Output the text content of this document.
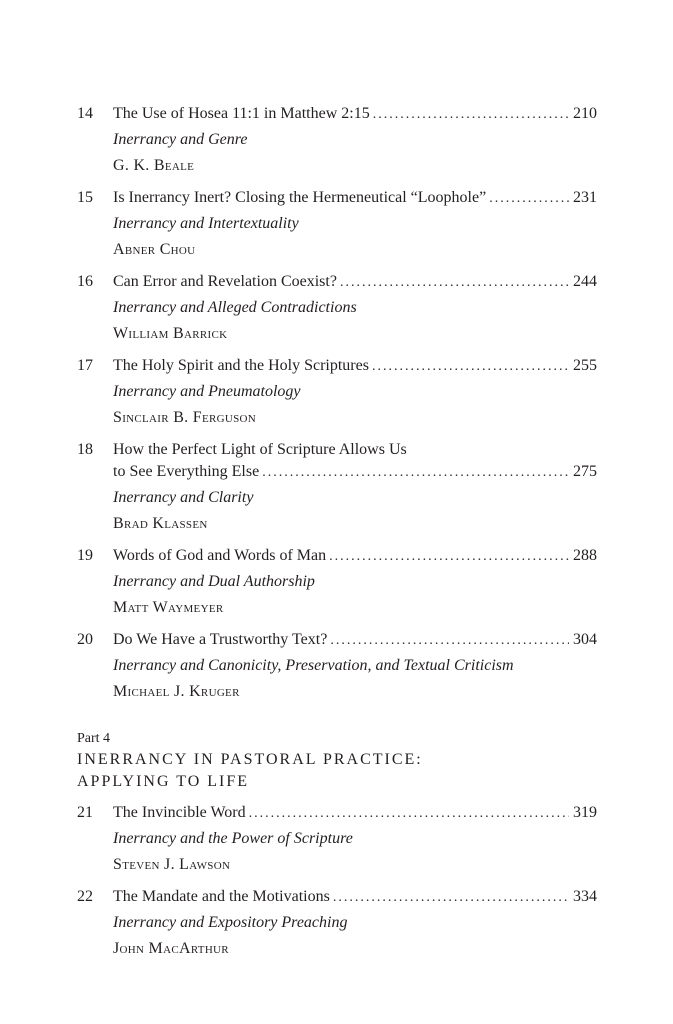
14 The Use of Hosea 11:1 in Matthew 2:15 .....	210
Inerrancy and Genre
G. K. Beale
15 Is Inerrancy Inert? Closing the Hermeneutical “Loophole” .....	231
Inerrancy and Intertextuality
Abner Chou
16 Can Error and Revelation Coexist? .....	244
Inerrancy and Alleged Contradictions
William Barrick
17 The Holy Spirit and the Holy Scriptures .....	255
Inerrancy and Pneumatology
Sinclair B. Ferguson
18 How the Perfect Light of Scripture Allows Us
to See Everything Else .....	275
Inerrancy and Clarity
Brad Klassen
19 Words of God and Words of Man .....	288
Inerrancy and Dual Authorship
Matt Waymeyer
20 Do We Have a Trustworthy Text? .....	304
Inerrancy and Canonicity, Preservation, and Textual Criticism
Michael J. Kruger
Part 4
INERRANCY IN PASTORAL PRACTICE:
APPLYING TO LIFE
21 The Invincible Word .....	319
Inerrancy and the Power of Scripture
Steven J. Lawson
22 The Mandate and the Motivations .....	334
Inerrancy and Expository Preaching
John MacArthur
